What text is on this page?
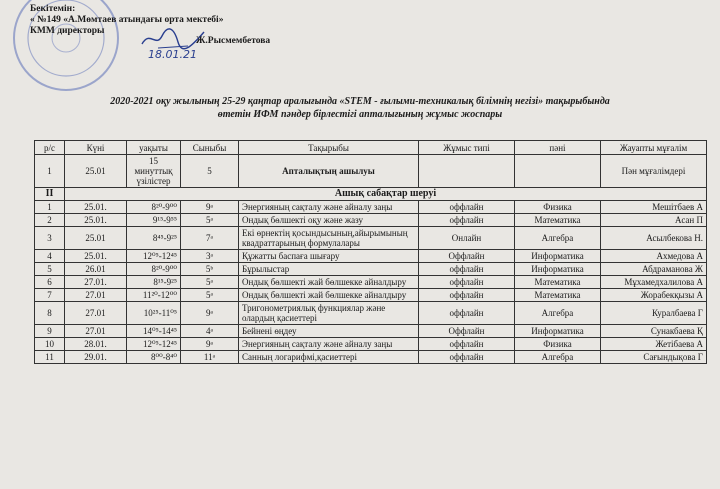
Бекітемін:
« №149 «А.Мөмтаев атындағы орта мектебі»
КММ директоры
Ж.Рысмембетова
18.01.21
2020-2021 оқу жылының 25-29 қаңтар аралығында «STEM - ғылыми-техникалық білімнің негізі» тақырыбында
өтетін ИФМ пәндер бірлестігі апталығының жұмыс жоспары
р/с	Күні	уақыты	Сыныбы	Тақырыбы	Жұмыс типі	пәні	Жауапты мұғалім
1	25.01	15 минуттық үзілістер	5	Апталықтың ашылуы			Пән мұғалімдері
II	Ашық сабақтар шеруі						
1	25.01.	8²⁰-9⁰⁰	9ᵃ	Энергияның сақталу және айналу заңы	оффлайн	Физика	Мешітбаев А
2	25.01.	9¹⁵-9⁵⁵	5ᵃ	Ондық бөлшекті оқу және жазу	оффлайн	Математика	Асан П
3	25.01	8⁴⁵-9²⁵	7ᵃ	Екі өрнектің қосындысының,айырымының квадраттарының формулалары	Онлайн	Алгебра	Асылбекова Н.
4	25.01.	12⁰⁵-12⁴⁵	3ᵃ	Құжатты баспаға шығару	Оффлайн	Информатика	Ахмедова А
5	26.01	8²⁰-9⁰⁰	5ᵇ	Бұрылыстар	оффлайн	Информатика	Абдраманова Ж
6	27.01.	8¹⁵-9²⁵	5ᵃ	Ондық бөлшекті жай бөлшекке айналдыру	оффлайн	Математика	Мұхамедхалилова А
7	27.01	11²⁰-12⁰⁰	5ᵃ	Ондық бөлшекті жай бөлшекке айналдыру	оффлайн	Математика	Жорабекқызы А
8	27.01	10²⁵-11⁰⁵	9ᵃ	Тригонометриялық функциялар және олардың қасиеттері	оффлайн	Алгебра	Куралбаева Г
9	27.01	14⁰⁵-14⁴⁵	4ᵃ	Бейнені өңдеу	Оффлайн	Информатика	Сунакбаева Қ
10	28.01.	12⁰⁵-12⁴⁵	9ᵃ	Энергияның сақталу және айналу заңы	оффлайн	Физика	Жетібаева А
11	29.01.	8⁰⁰-8⁴⁰	11ᵃ	Санның логарифмі,қасиеттері	оффлайн	Алгебра	Сағындықова Г
